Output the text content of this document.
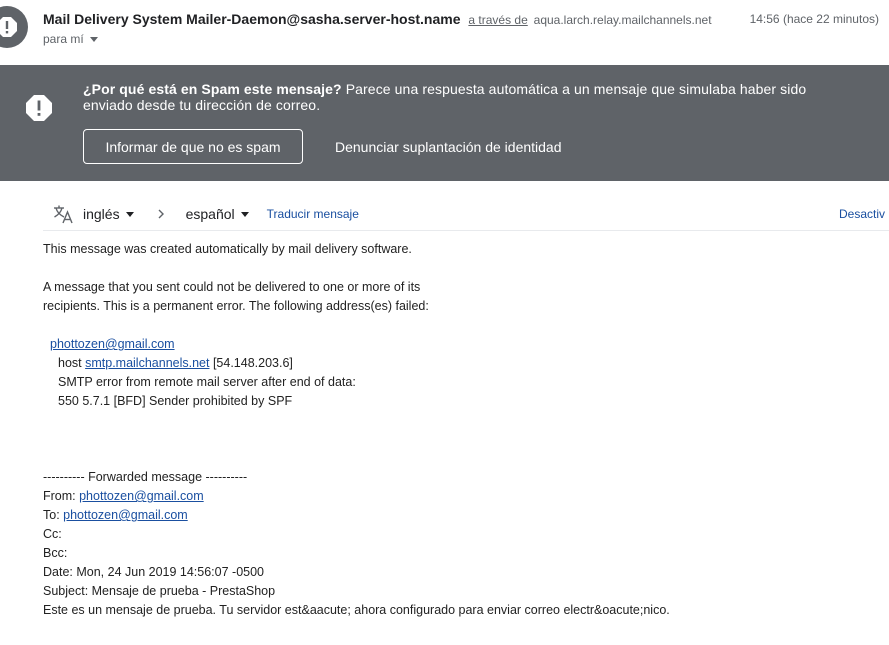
Mail Delivery System Mailer-Daemon@sasha.server-host.name a través de aqua.larch.relay.mailchannels.net	14:56 (hace 22 minutos)
para mí
¿Por qué está en Spam este mensaje? Parece una respuesta automática a un mensaje que simulaba haber sido enviado desde tu dirección de correo.
Informar de que no es spam	Denunciar suplantación de identidad
inglés	español	Traducir mensaje	Desactiv
This message was created automatically by mail delivery software.
A message that you sent could not be delivered to one or more of its
recipients. This is a permanent error. The following address(es) failed:
phottozen@gmail.com
host smtp.mailchannels.net [54.148.203.6]
SMTP error from remote mail server after end of data:
550 5.7.1 [BFD] Sender prohibited by SPF
---------- Forwarded message ----------
From: phottozen@gmail.com
To: phottozen@gmail.com
Cc:
Bcc:
Date: Mon, 24 Jun 2019 14:56:07 -0500
Subject: Mensaje de prueba - PrestaShop
Este es un mensaje de prueba. Tu servidor est&aacute; ahora configurado para enviar correo electr&oacute;nico.
